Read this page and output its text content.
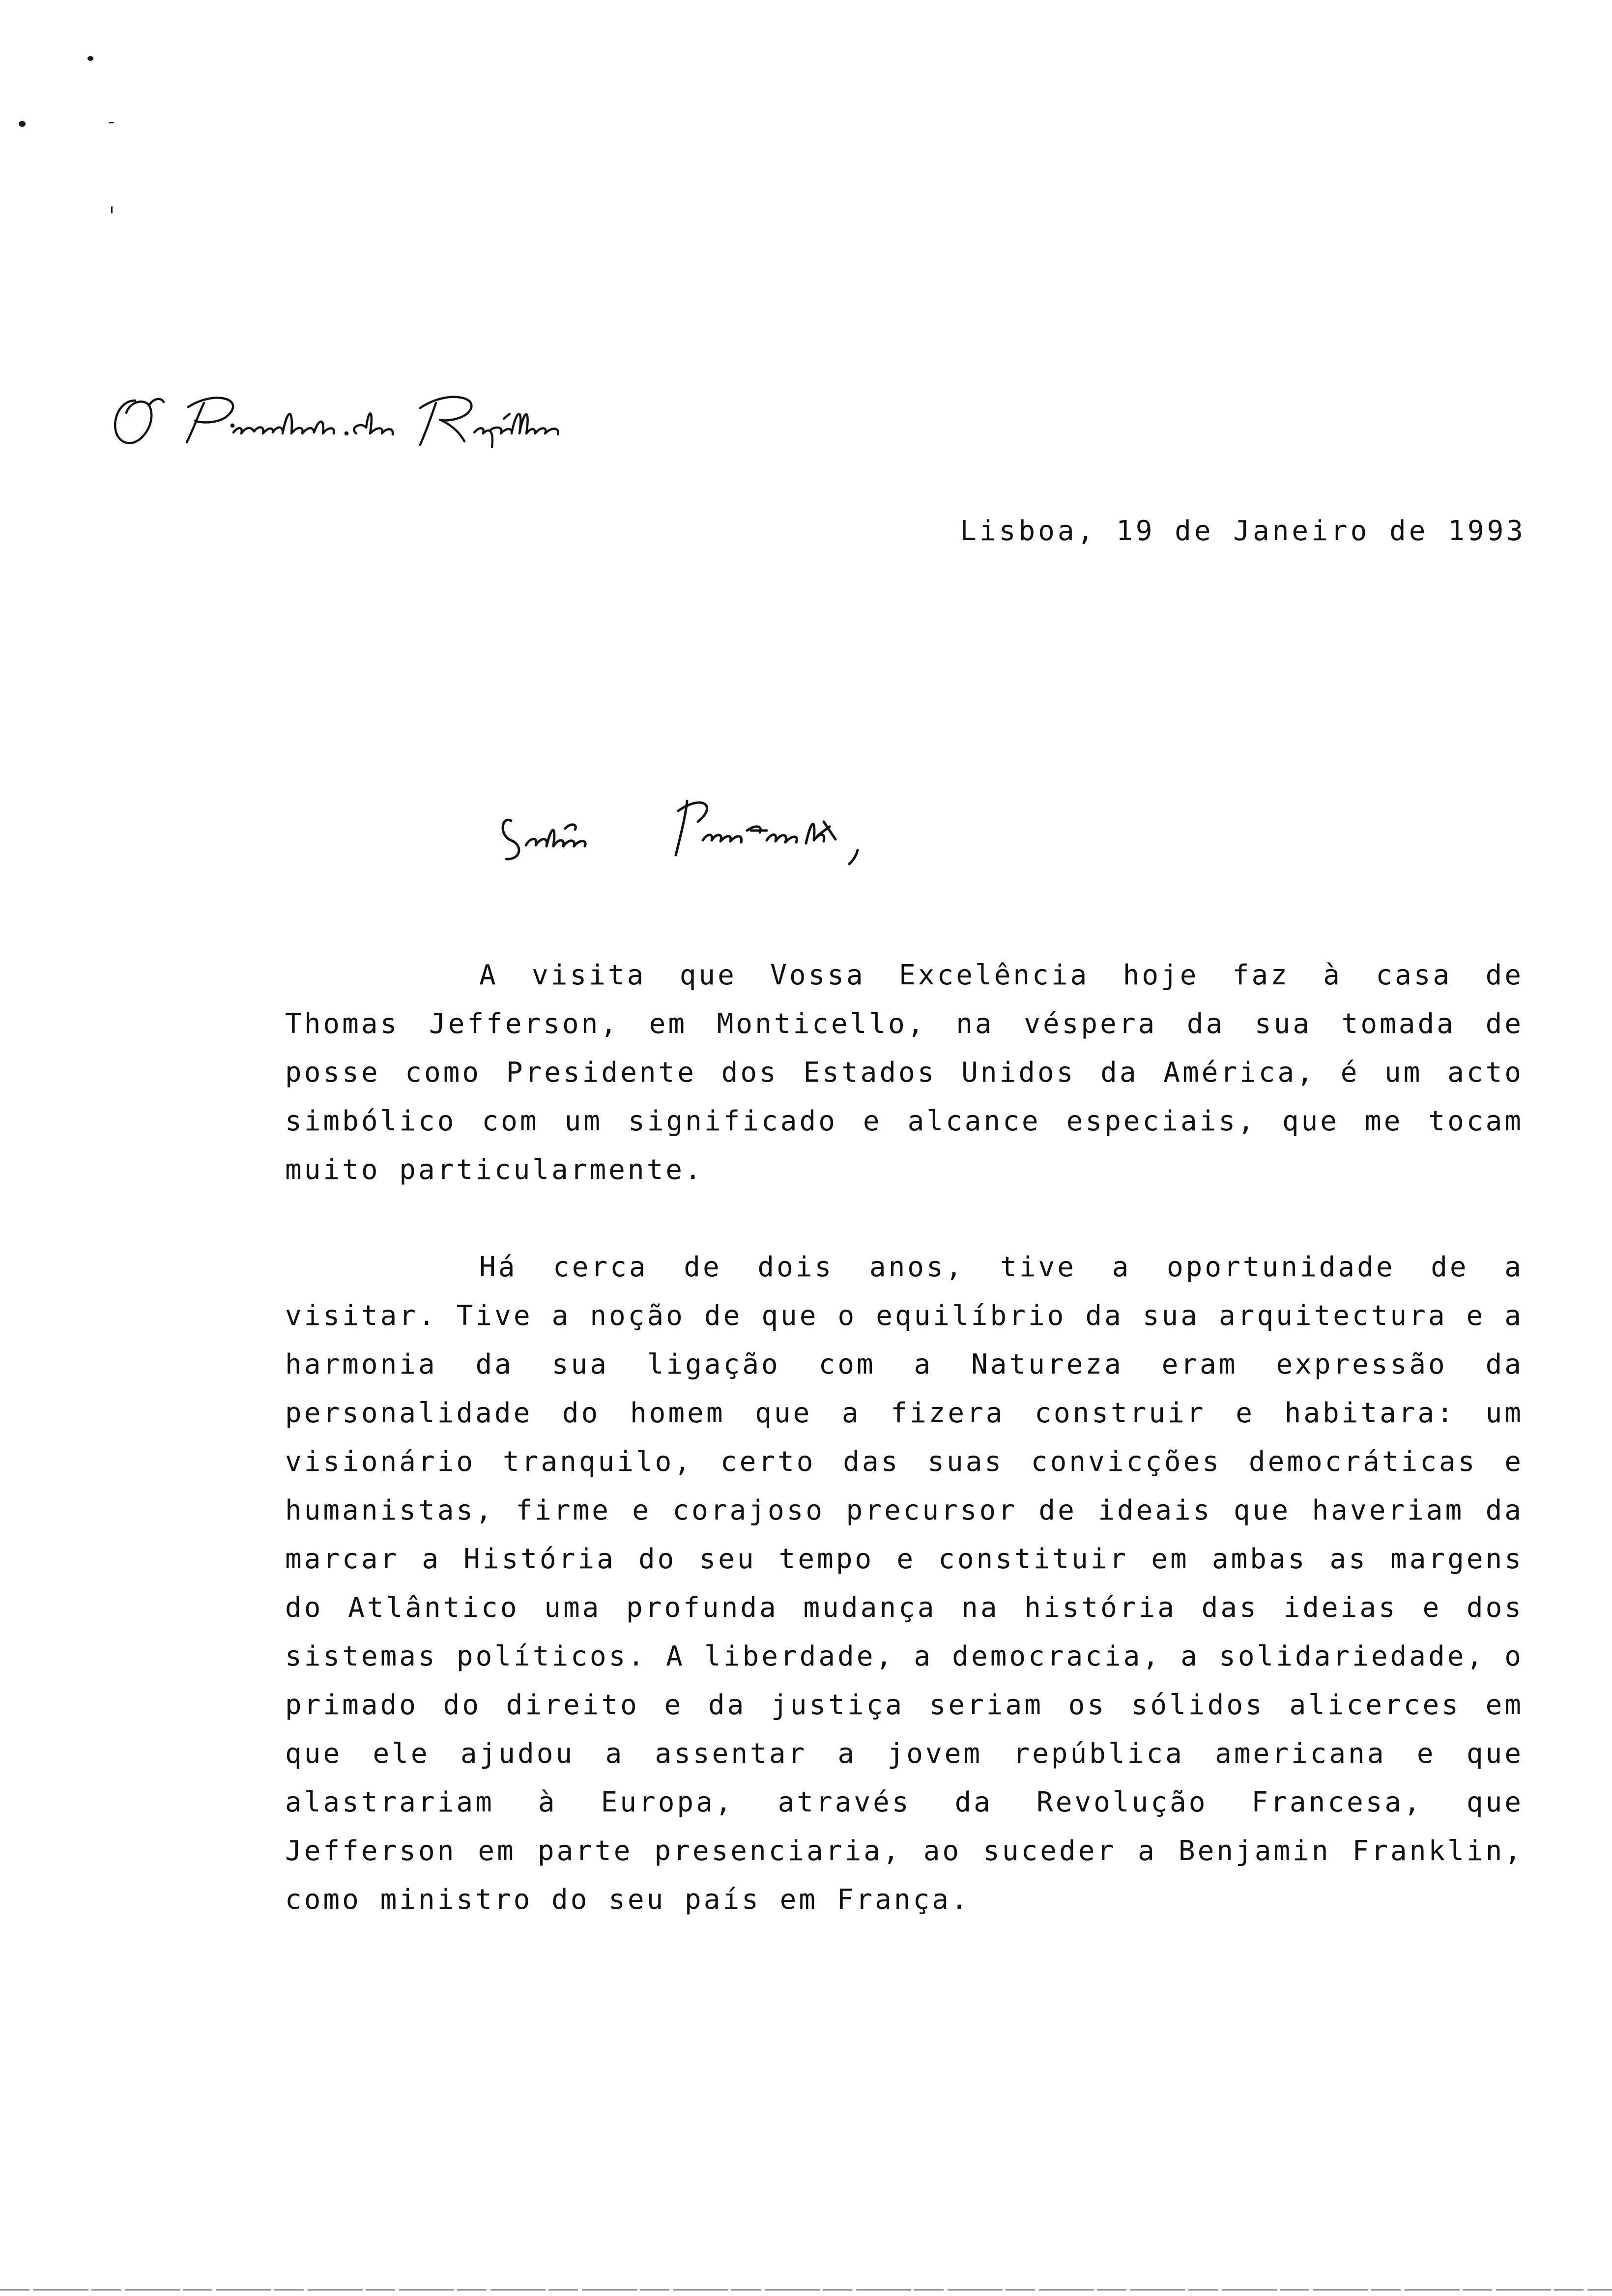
O Presidente da República
Lisboa, 19 de Janeiro de 1993
Senhor Presidente,

A visita que Vossa Excelência hoje faz à casa de Thomas Jefferson, em Monticello, na véspera da sua tomada de posse como Presidente dos Estados Unidos da América, é um acto simbólico com um significado e alcance especiais, que me tocam muito particularmente.

Há cerca de dois anos, tive a oportunidade de a visitar. Tive a noção de que o equilíbrio da sua arquitectura e a harmonia da sua ligação com a Natureza eram expressão da personalidade do homem que a fizera construir e habitara: um visionário tranquilo, certo das suas convicções democráticas e humanistas, firme e corajoso precursor de ideais que haveriam da marcar a História do seu tempo e constituir em ambas as margens do Atlântico uma profunda mudança na história das ideias e dos sistemas políticos. A liberdade, a democracia, a solidariedade, o primado do direito e da justiça seriam os sólidos alicerces em que ele ajudou a assentar a jovem república americana e que alastrariam à Europa, através da Revolução Francesa, que Jefferson em parte presenciaria, ao suceder a Benjamin Franklin, como ministro do seu país em França.
